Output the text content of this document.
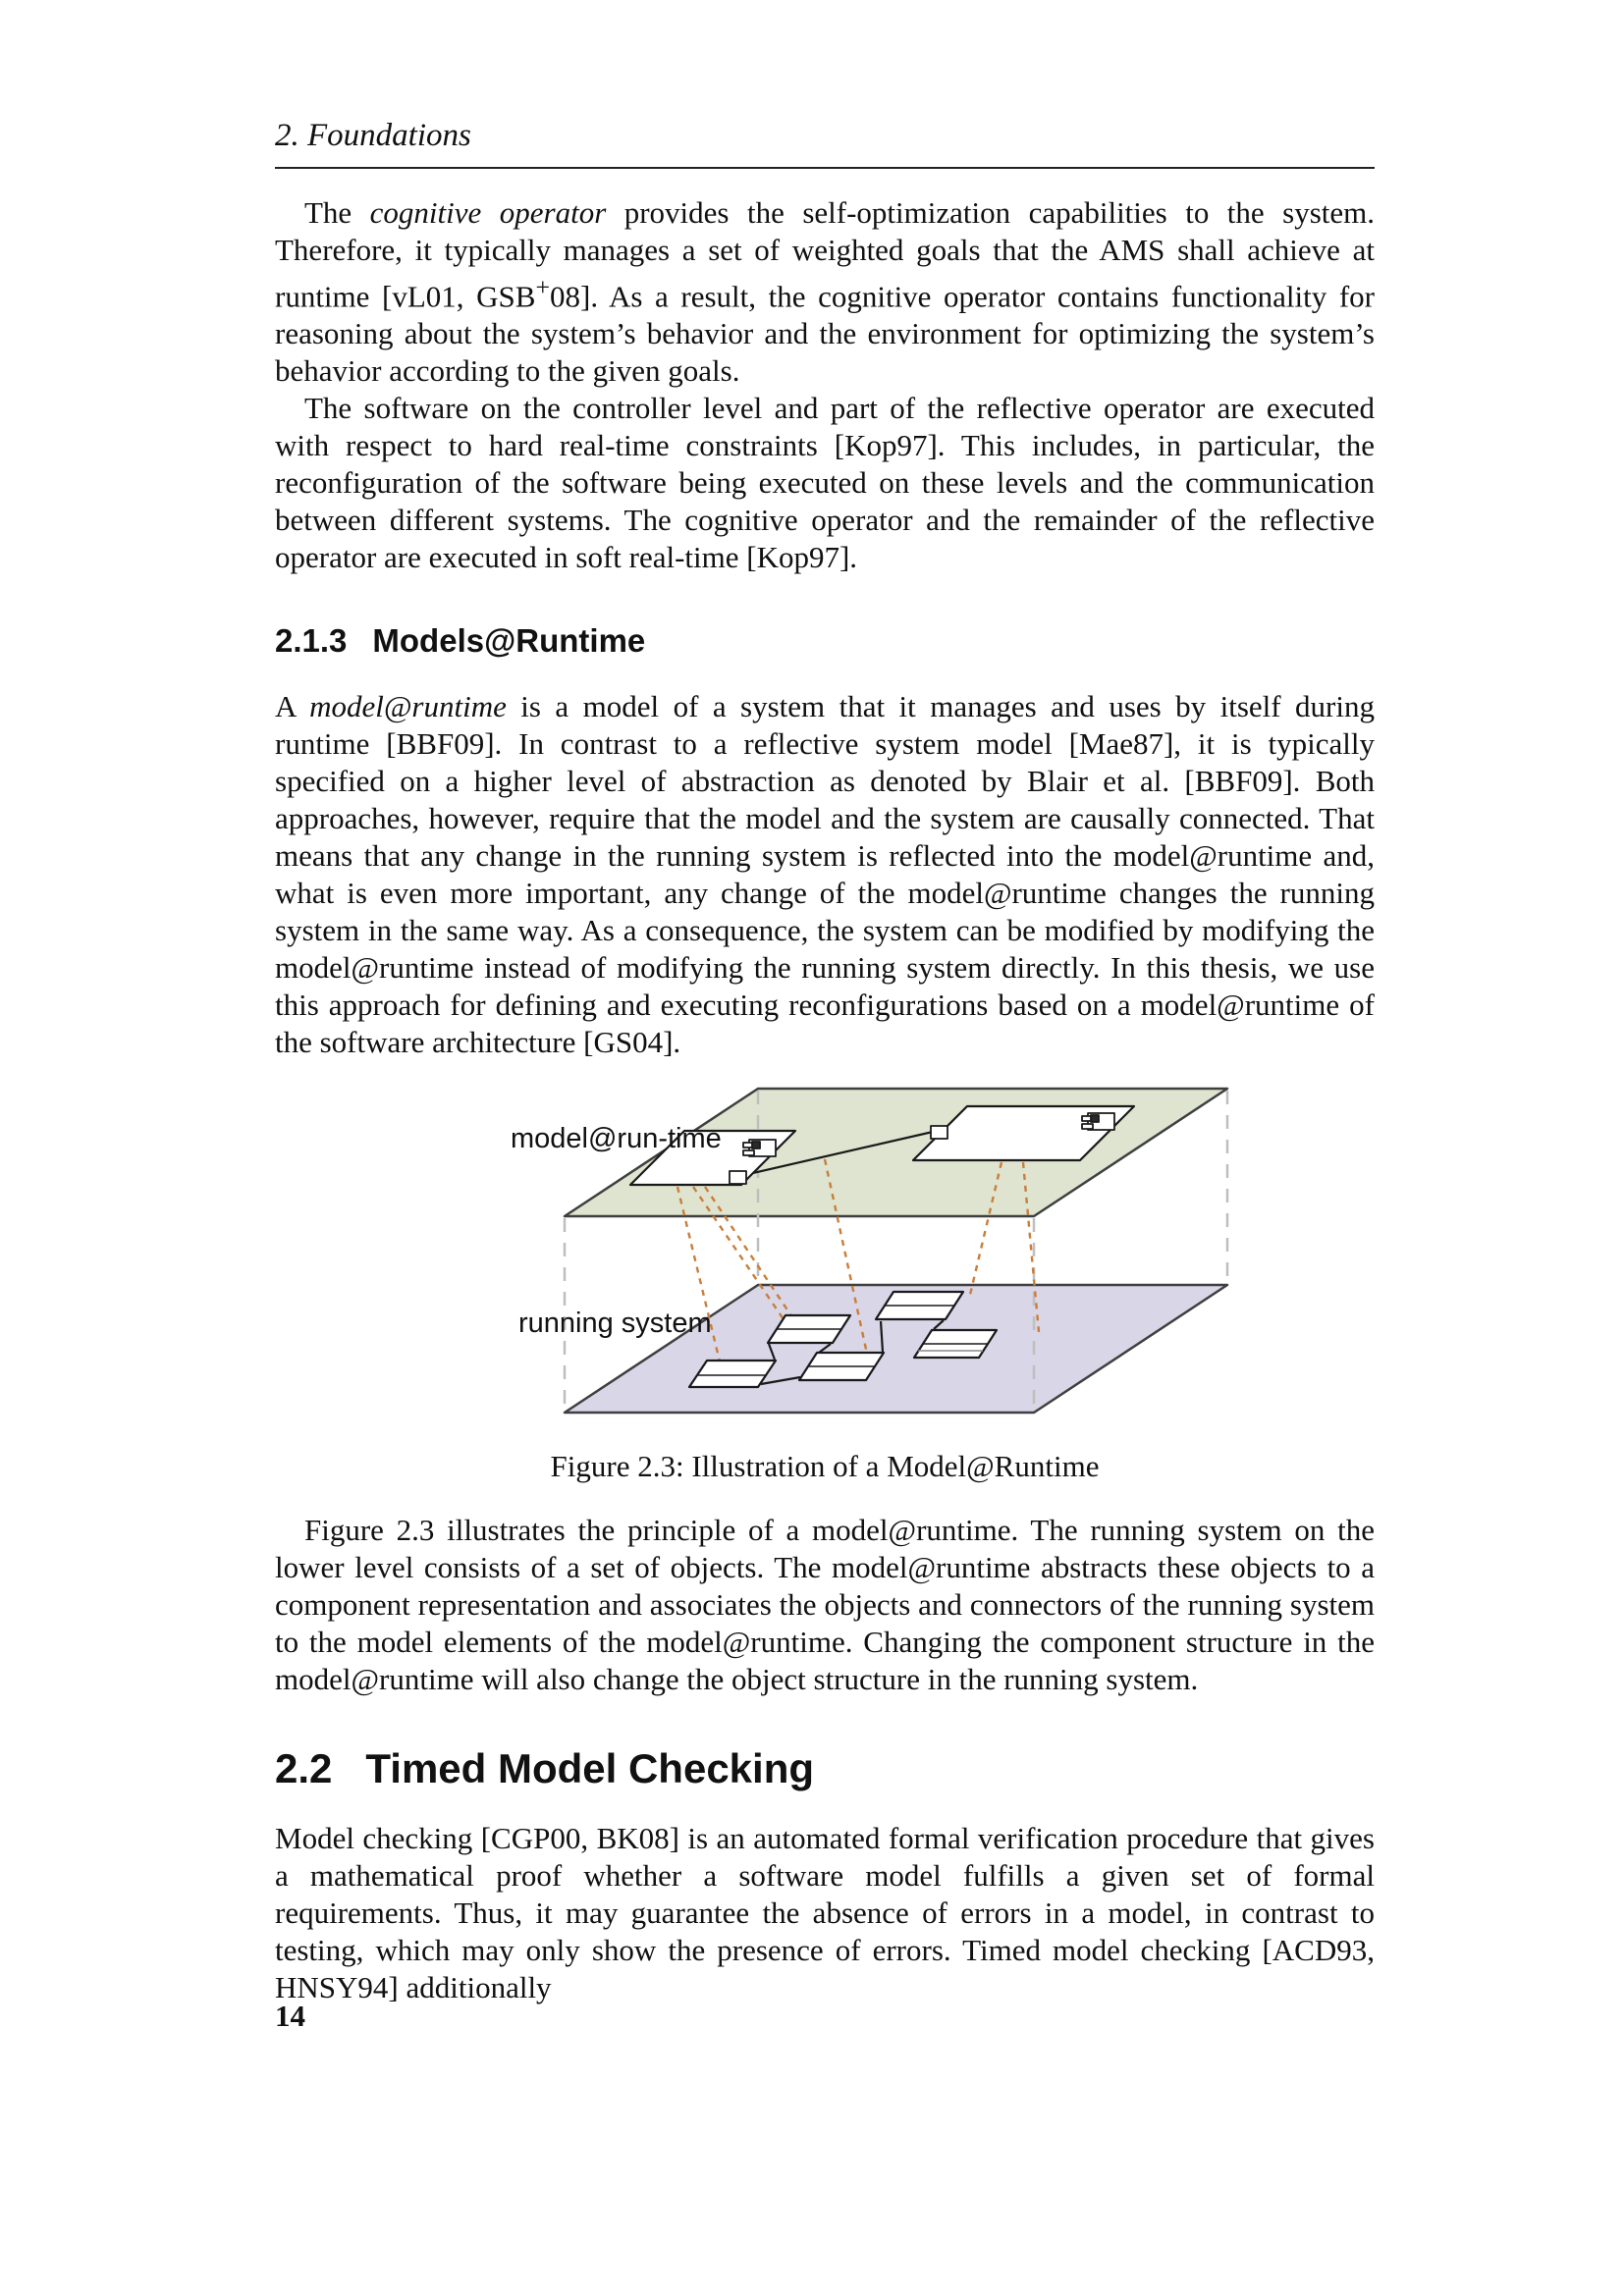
2. Foundations

The cognitive operator provides the self-optimization capabilities to the system. Therefore, it typically manages a set of weighted goals that the AMS shall achieve at runtime [vL01, GSB+08]. As a result, the cognitive operator contains functionality for reasoning about the system’s behavior and the environment for optimizing the system’s behavior according to the given goals.

The software on the controller level and part of the reflective operator are executed with respect to hard real-time constraints [Kop97]. This includes, in particular, the reconfiguration of the software being executed on these levels and the communication between different systems. The cognitive operator and the remainder of the reflective operator are executed in soft real-time [Kop97].

2.1.3 Models@Runtime

A model@runtime is a model of a system that it manages and uses by itself during runtime [BBF09]. In contrast to a reflective system model [Mae87], it is typically specified on a higher level of abstraction as denoted by Blair et al. [BBF09]. Both approaches, however, require that the model and the system are causally connected. That means that any change in the running system is reflected into the model@runtime and, what is even more important, any change of the model@runtime changes the running system in the same way. As a consequence, the system can be modified by modifying the model@runtime instead of modifying the running system directly. In this thesis, we use this approach for defining and executing reconfigurations based on a model@runtime of the software architecture [GS04].

model@run-time
running system
Figure 2.3: Illustration of a Model@Runtime

Figure 2.3 illustrates the principle of a model@runtime. The running system on the lower level consists of a set of objects. The model@runtime abstracts these objects to a component representation and associates the objects and connectors of the running system to the model elements of the model@runtime. Changing the component structure in the model@runtime will also change the object structure in the running system.

2.2 Timed Model Checking

Model checking [CGP00, BK08] is an automated formal verification procedure that gives a mathematical proof whether a software model fulfills a given set of formal requirements. Thus, it may guarantee the absence of errors in a model, in contrast to testing, which may only show the presence of errors. Timed model checking [ACD93, HNSY94] additionally

14
